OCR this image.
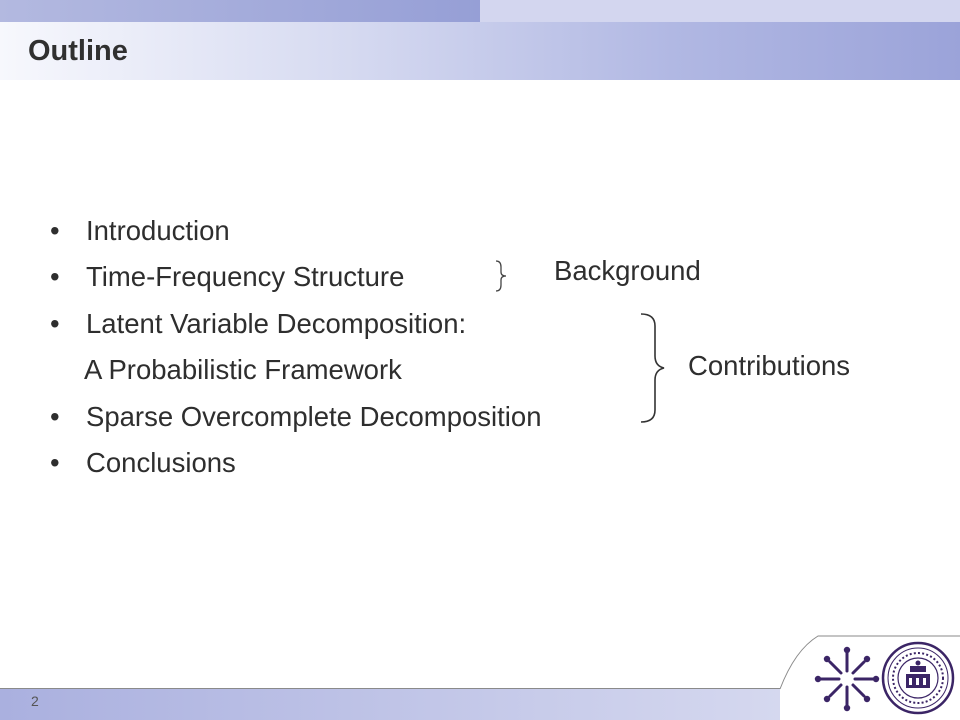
Outline
• Introduction
• Time-Frequency Structure
• Latent Variable Decomposition:
A Probabilistic Framework
• Sparse Overcomplete Decomposition
• Conclusions
Background
Contributions
2
